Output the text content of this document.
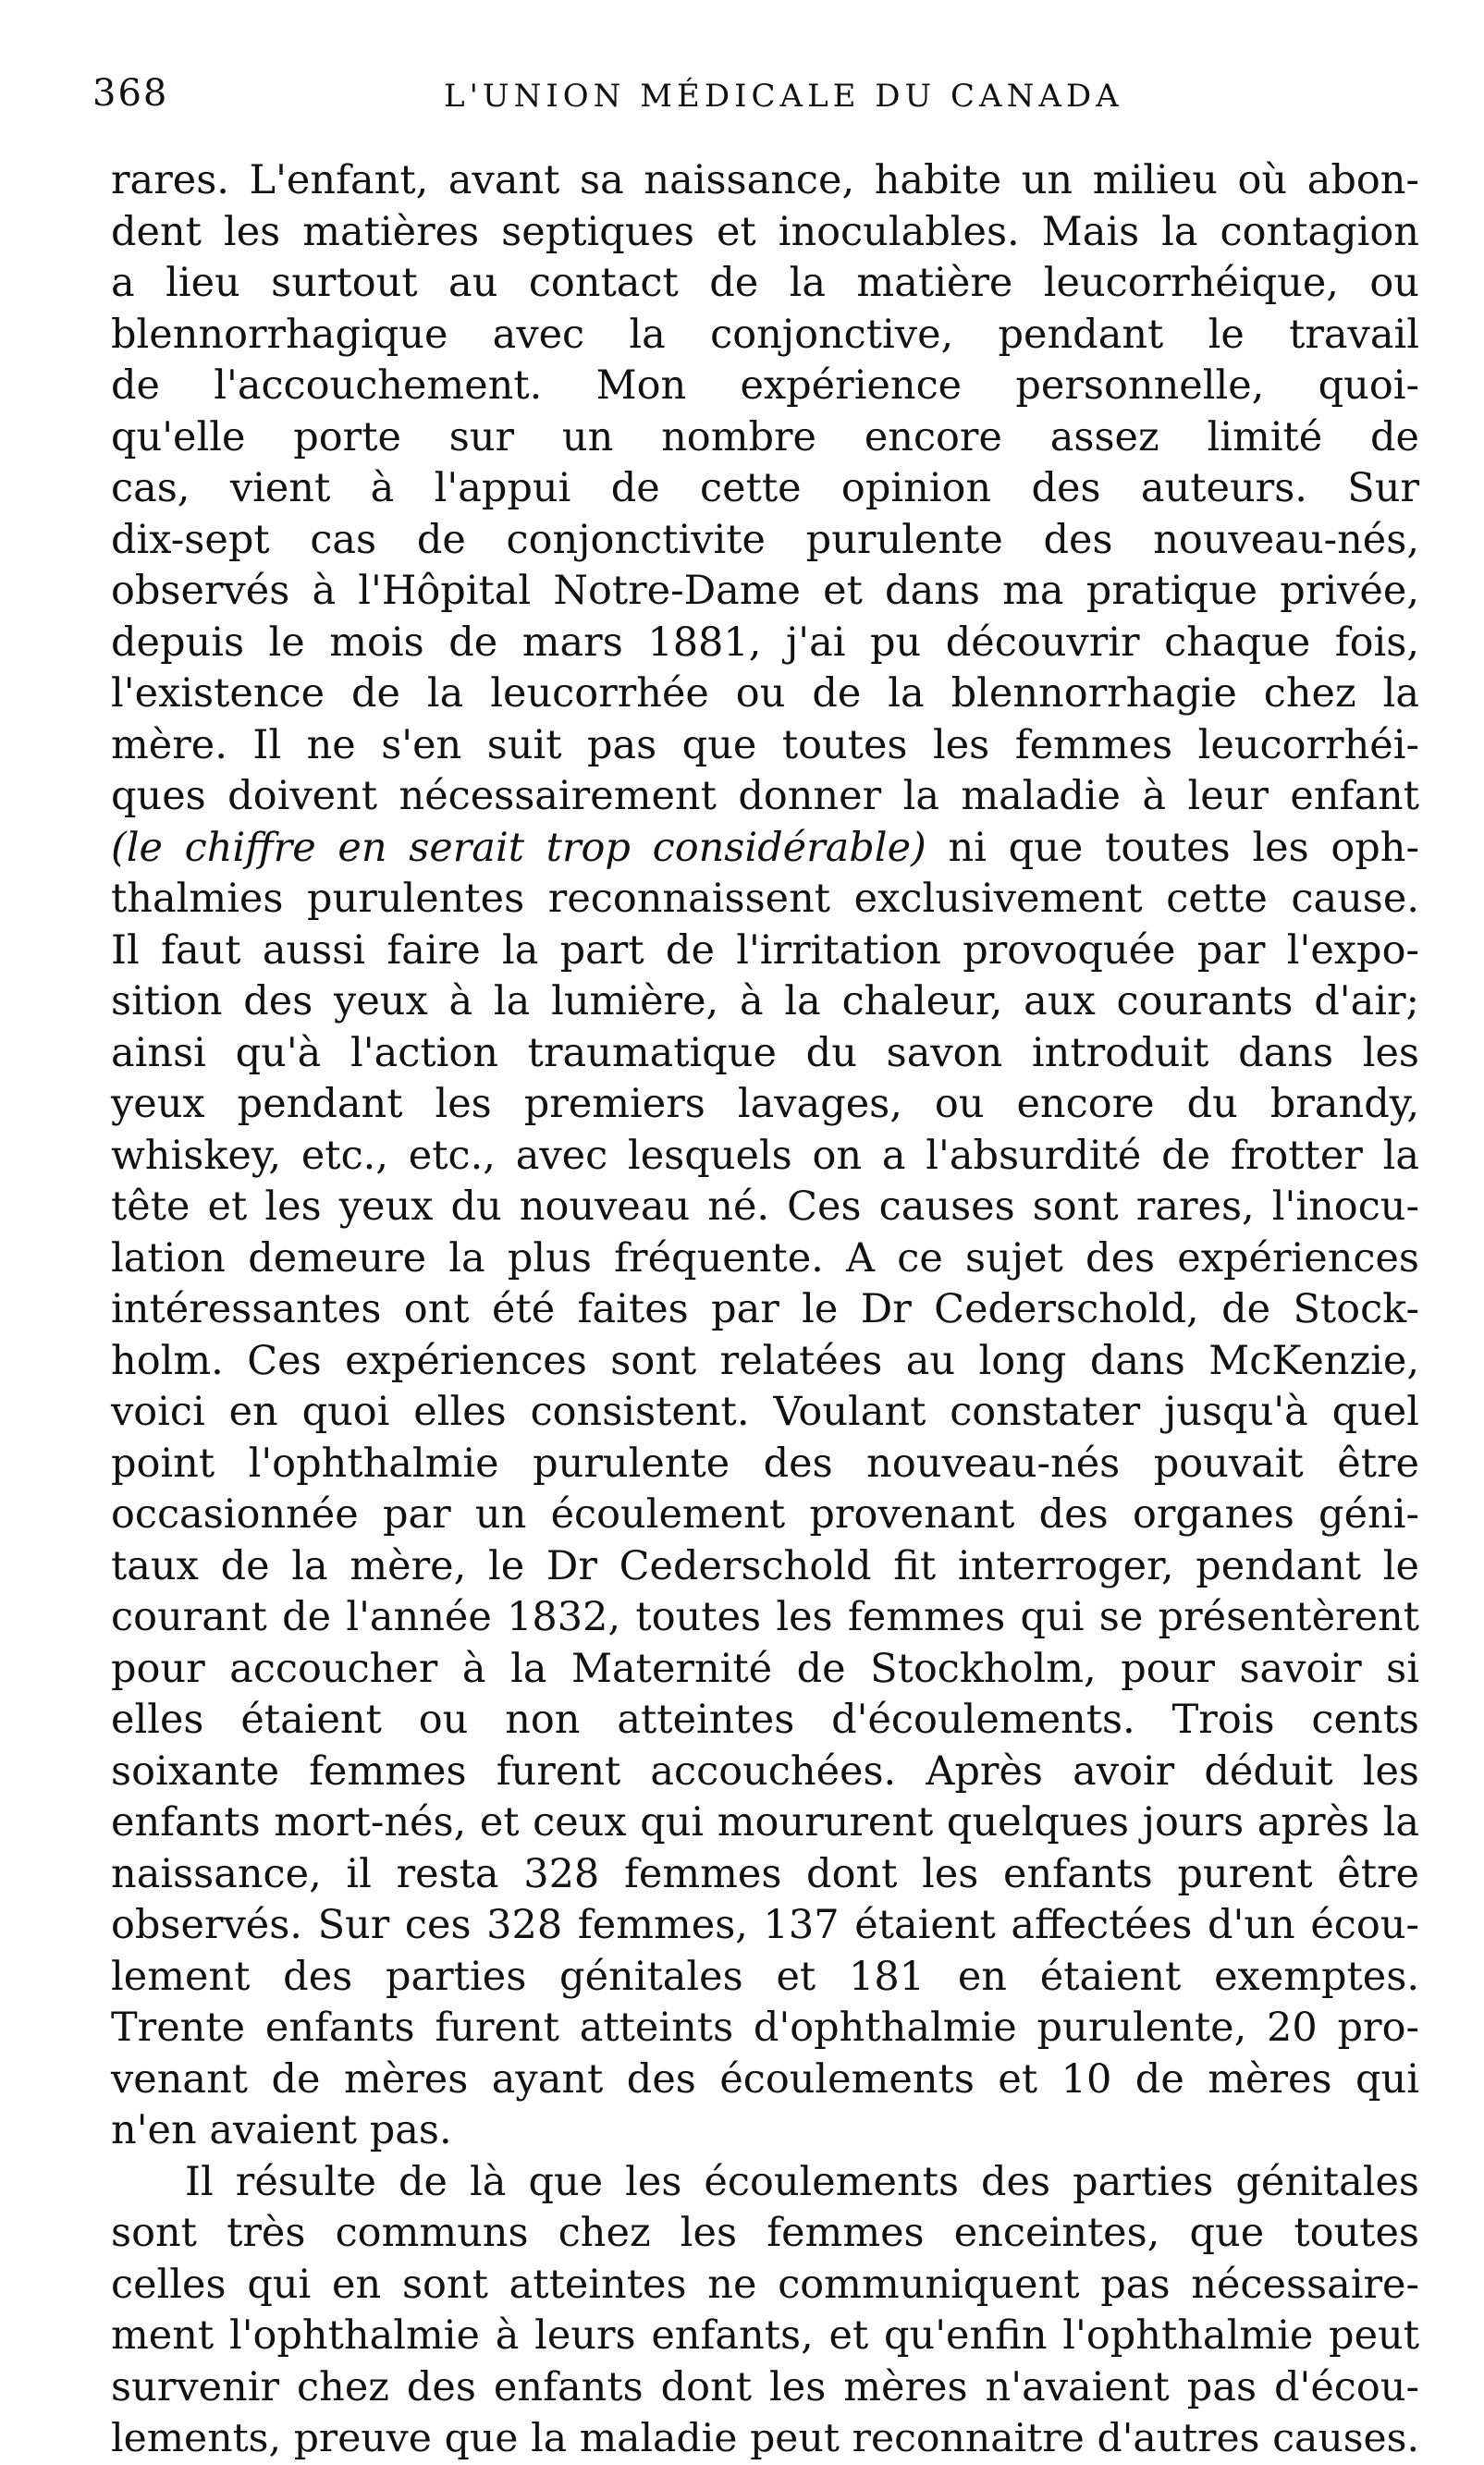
368	L'UNION MÉDICALE DU CANADA

rares. L'enfant, avant sa naissance, habite un milieu où abon-
dent les matières septiques et inoculables. Mais la contagion
a lieu surtout au contact de la matière leucorrhéique, ou
blennorrhagique avec la conjonctive, pendant le travail
de l'accouchement. Mon expérience personnelle, quoi-
qu'elle porte sur un nombre encore assez limité de
cas, vient à l'appui de cette opinion des auteurs. Sur
dix-sept cas de conjonctivite purulente des nouveau-nés,
observés à l'Hôpital Notre-Dame et dans ma pratique privée,
depuis le mois de mars 1881, j'ai pu découvrir chaque fois,
l'existence de la leucorrhée ou de la blennorrhagie chez la
mère. Il ne s'en suit pas que toutes les femmes leucorrhéi-
ques doivent nécessairement donner la maladie à leur enfant
(le chiffre en serait trop considérable) ni que toutes les oph-
thalmies purulentes reconnaissent exclusivement cette cause.
Il faut aussi faire la part de l'irritation provoquée par l'expo-
sition des yeux à la lumière, à la chaleur, aux courants d'air;
ainsi qu'à l'action traumatique du savon introduit dans les
yeux pendant les premiers lavages, ou encore du brandy,
whiskey, etc., etc., avec lesquels on a l'absurdité de frotter la
tête et les yeux du nouveau né. Ces causes sont rares, l'inocu-
lation demeure la plus fréquente. A ce sujet des expériences
intéressantes ont été faites par le Dr Cederschold, de Stock-
holm. Ces expériences sont relatées au long dans McKenzie,
voici en quoi elles consistent. Voulant constater jusqu'à quel
point l'ophthalmie purulente des nouveau-nés pouvait être
occasionnée par un écoulement provenant des organes géni-
taux de la mère, le Dr Cederschold fit interroger, pendant le
courant de l'année 1832, toutes les femmes qui se présentèrent
pour accoucher à la Maternité de Stockholm, pour savoir si
elles étaient ou non atteintes d'écoulements. Trois cents
soixante femmes furent accouchées. Après avoir déduit les
enfants mort-nés, et ceux qui moururent quelques jours après la
naissance, il resta 328 femmes dont les enfants purent être
observés. Sur ces 328 femmes, 137 étaient affectées d'un écou-
lement des parties génitales et 181 en étaient exemptes.
Trente enfants furent atteints d'ophthalmie purulente, 20 pro-
venant de mères ayant des écoulements et 10 de mères qui
n'en avaient pas.

Il résulte de là que les écoulements des parties génitales
sont très communs chez les femmes enceintes, que toutes
celles qui en sont atteintes ne communiquent pas nécessaire-
ment l'ophthalmie à leurs enfants, et qu'enfin l'ophthalmie peut
survenir chez des enfants dont les mères n'avaient pas d'écou-
lements, preuve que la maladie peut reconnaitre d'autres causes.
